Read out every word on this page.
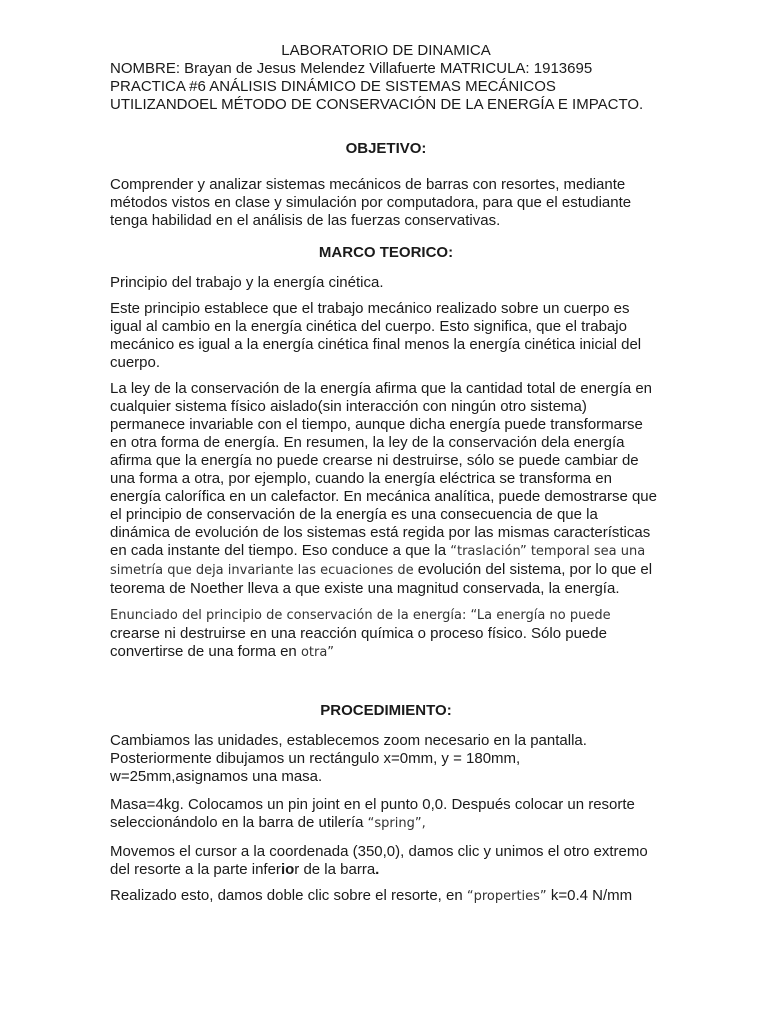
LABORATORIO DE DINAMICA

NOMBRE: Brayan de Jesus Melendez Villafuerte MATRICULA: 1913695

PRACTICA #6 ANÁLISIS DINÁMICO DE SISTEMAS MECÁNICOS UTILIZANDOEL MÉTODO DE CONSERVACIÓN DE LA ENERGÍA E IMPACTO.

OBJETIVO:

Comprender y analizar sistemas mecánicos de barras con resortes, mediante métodos vistos en clase y simulación por computadora, para que el estudiante tenga habilidad en el análisis de las fuerzas conservativas.

MARCO TEORICO:

Principio del trabajo y la energía cinética.

Este principio establece que el trabajo mecánico realizado sobre un cuerpo es igual al cambio en la energía cinética del cuerpo. Esto significa, que el trabajo mecánico es igual a la energía cinética final menos la energía cinética inicial del cuerpo.

La ley de la conservación de la energía afirma que la cantidad total de energía en cualquier sistema físico aislado(sin interacción con ningún otro sistema) permanece invariable con el tiempo, aunque dicha energía puede transformarse en otra forma de energía. En resumen, la ley de la conservación dela energía afirma que la energía no puede crearse ni destruirse, sólo se puede cambiar de una forma a otra, por ejemplo, cuando la energía eléctrica se transforma en energía calorífica en un calefactor. En mecánica analítica, puede demostrarse que el principio de conservación de la energía es una consecuencia de que la dinámica de evolución de los sistemas está regida por las mismas características en cada instante del tiempo. Eso conduce a que la “traslación” temporal sea una simetría que deja invariante las ecuaciones de evolución del sistema, por lo que el teorema de Noether lleva a que existe una magnitud conservada, la energía.

Enunciado del principio de conservación de la energía: “La energía no puede crearse ni destruirse en una reacción química o proceso físico. Sólo puede convertirse de una forma en otra”

PROCEDIMIENTO:

Cambiamos las unidades, establecemos zoom necesario en la pantalla. Posteriormente dibujamos un rectángulo x=0mm, y = 180mm, w=25mm,asignamos una masa.

Masa=4kg. Colocamos un pin joint en el punto 0,0. Después colocar un resorte seleccionándolo en la barra de utilería “spring”,

Movemos el cursor a la coordenada (350,0), damos clic y unimos el otro extremo del resorte a la parte inferior de la barra.

Realizado esto, damos doble clic sobre el resorte, en “properties” k=0.4 N/mm
